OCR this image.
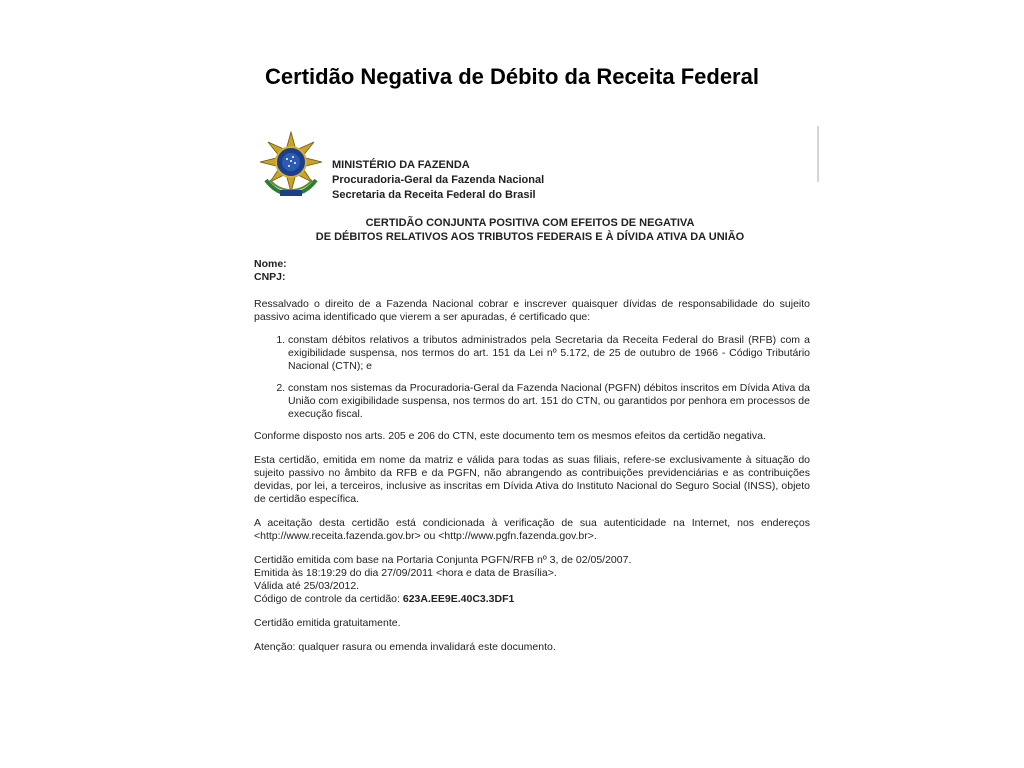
Certidão Negativa de Débito da Receita Federal
MINISTÉRIO DA FAZENDA
Procuradoria-Geral da Fazenda Nacional
Secretaria da Receita Federal do Brasil
CERTIDÃO CONJUNTA POSITIVA COM EFEITOS DE NEGATIVA
DE DÉBITOS RELATIVOS AOS TRIBUTOS FEDERAIS E À DÍVIDA ATIVA DA UNIÃO

Nome:
CNPJ:

Ressalvado o direito de a Fazenda Nacional cobrar e inscrever quaisquer dívidas de responsabilidade do sujeito passivo acima identificado que vierem a ser apuradas, é certificado que:

1. constam débitos relativos a tributos administrados pela Secretaria da Receita Federal do Brasil (RFB) com a exigibilidade suspensa, nos termos do art. 151 da Lei nº 5.172, de 25 de outubro de 1966 - Código Tributário Nacional (CTN); e
2. constam nos sistemas da Procuradoria-Geral da Fazenda Nacional (PGFN) débitos inscritos em Dívida Ativa da União com exigibilidade suspensa, nos termos do art. 151 do CTN, ou garantidos por penhora em processos de execução fiscal.

Conforme disposto nos arts. 205 e 206 do CTN, este documento tem os mesmos efeitos da certidão negativa.

Esta certidão, emitida em nome da matriz e válida para todas as suas filiais, refere-se exclusivamente à situação do sujeito passivo no âmbito da RFB e da PGFN, não abrangendo as contribuições previdenciárias e as contribuições devidas, por lei, a terceiros, inclusive as inscritas em Dívida Ativa do Instituto Nacional do Seguro Social (INSS), objeto de certidão específica.

A aceitação desta certidão está condicionada à verificação de sua autenticidade na Internet, nos endereços <http://www.receita.fazenda.gov.br> ou <http://www.pgfn.fazenda.gov.br>.

Certidão emitida com base na Portaria Conjunta PGFN/RFB nº 3, de 02/05/2007.
Emitida às 18:19:29 do dia 27/09/2011 <hora e data de Brasília>.
Válida até 25/03/2012.
Código de controle da certidão: 623A.EE9E.40C3.3DF1

Certidão emitida gratuitamente.

Atenção: qualquer rasura ou emenda invalidará este documento.
